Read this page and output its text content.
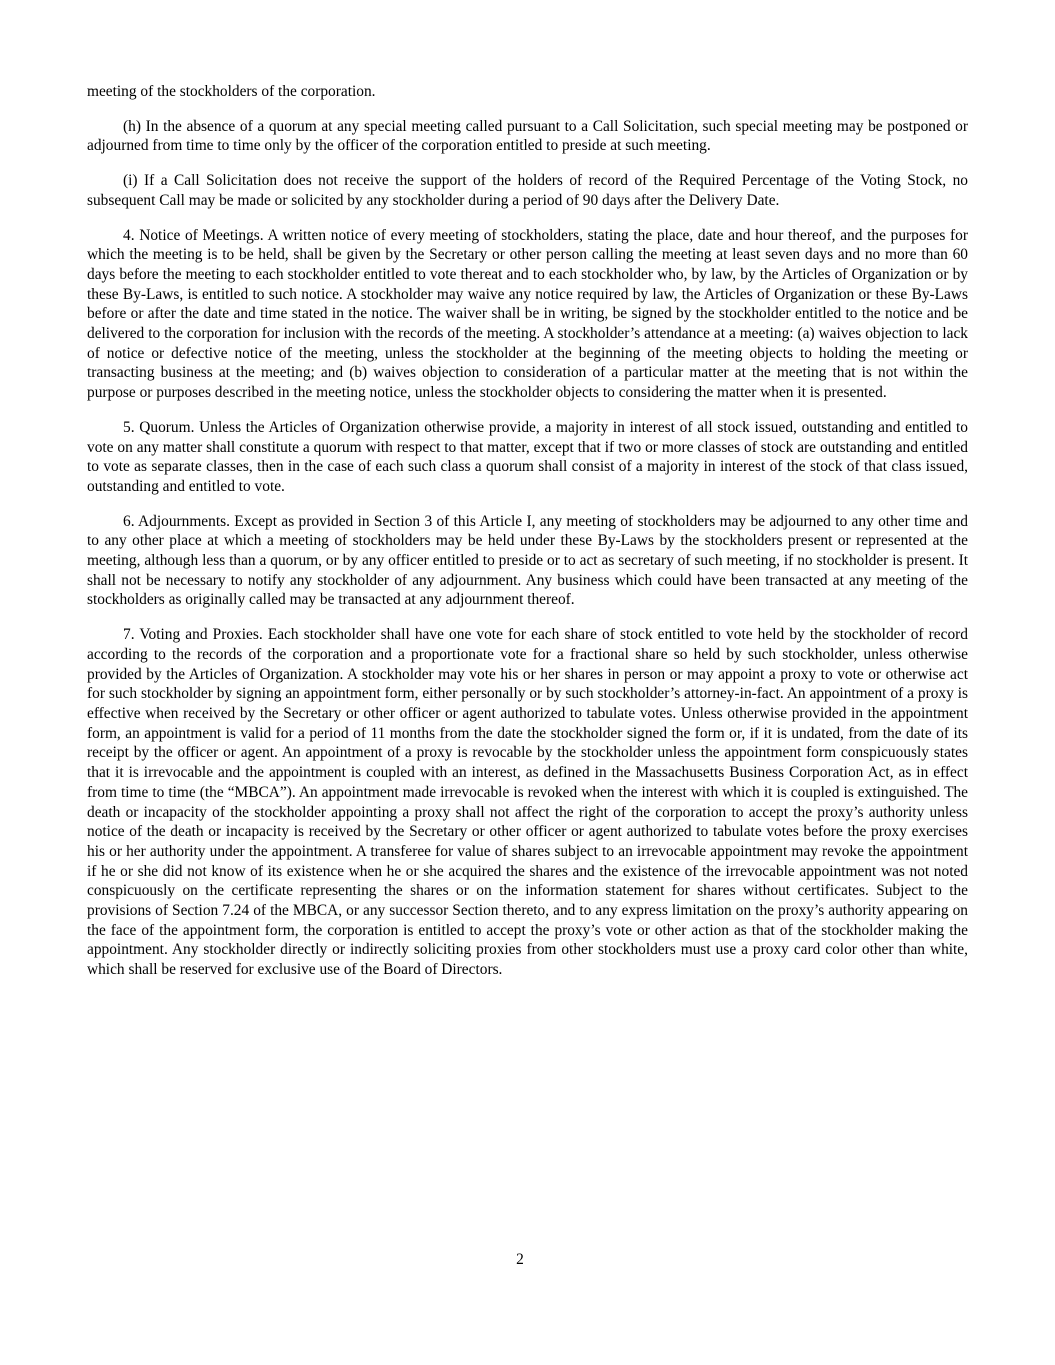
meeting of the stockholders of the corporation.

(h) In the absence of a quorum at any special meeting called pursuant to a Call Solicitation, such special meeting may be postponed or adjourned from time to time only by the officer of the corporation entitled to preside at such meeting.

(i) If a Call Solicitation does not receive the support of the holders of record of the Required Percentage of the Voting Stock, no subsequent Call may be made or solicited by any stockholder during a period of 90 days after the Delivery Date.

4. Notice of Meetings. A written notice of every meeting of stockholders, stating the place, date and hour thereof, and the purposes for which the meeting is to be held, shall be given by the Secretary or other person calling the meeting at least seven days and no more than 60 days before the meeting to each stockholder entitled to vote thereat and to each stockholder who, by law, by the Articles of Organization or by these By-Laws, is entitled to such notice. A stockholder may waive any notice required by law, the Articles of Organization or these By-Laws before or after the date and time stated in the notice. The waiver shall be in writing, be signed by the stockholder entitled to the notice and be delivered to the corporation for inclusion with the records of the meeting. A stockholder’s attendance at a meeting: (a) waives objection to lack of notice or defective notice of the meeting, unless the stockholder at the beginning of the meeting objects to holding the meeting or transacting business at the meeting; and (b) waives objection to consideration of a particular matter at the meeting that is not within the purpose or purposes described in the meeting notice, unless the stockholder objects to considering the matter when it is presented.

5. Quorum. Unless the Articles of Organization otherwise provide, a majority in interest of all stock issued, outstanding and entitled to vote on any matter shall constitute a quorum with respect to that matter, except that if two or more classes of stock are outstanding and entitled to vote as separate classes, then in the case of each such class a quorum shall consist of a majority in interest of the stock of that class issued, outstanding and entitled to vote.

6. Adjournments. Except as provided in Section 3 of this Article I, any meeting of stockholders may be adjourned to any other time and to any other place at which a meeting of stockholders may be held under these By-Laws by the stockholders present or represented at the meeting, although less than a quorum, or by any officer entitled to preside or to act as secretary of such meeting, if no stockholder is present. It shall not be necessary to notify any stockholder of any adjournment. Any business which could have been transacted at any meeting of the stockholders as originally called may be transacted at any adjournment thereof.

7. Voting and Proxies. Each stockholder shall have one vote for each share of stock entitled to vote held by the stockholder of record according to the records of the corporation and a proportionate vote for a fractional share so held by such stockholder, unless otherwise provided by the Articles of Organization. A stockholder may vote his or her shares in person or may appoint a proxy to vote or otherwise act for such stockholder by signing an appointment form, either personally or by such stockholder’s attorney-in-fact. An appointment of a proxy is effective when received by the Secretary or other officer or agent authorized to tabulate votes. Unless otherwise provided in the appointment form, an appointment is valid for a period of 11 months from the date the stockholder signed the form or, if it is undated, from the date of its receipt by the officer or agent. An appointment of a proxy is revocable by the stockholder unless the appointment form conspicuously states that it is irrevocable and the appointment is coupled with an interest, as defined in the Massachusetts Business Corporation Act, as in effect from time to time (the “MBCA”). An appointment made irrevocable is revoked when the interest with which it is coupled is extinguished. The death or incapacity of the stockholder appointing a proxy shall not affect the right of the corporation to accept the proxy’s authority unless notice of the death or incapacity is received by the Secretary or other officer or agent authorized to tabulate votes before the proxy exercises his or her authority under the appointment. A transferee for value of shares subject to an irrevocable appointment may revoke the appointment if he or she did not know of its existence when he or she acquired the shares and the existence of the irrevocable appointment was not noted conspicuously on the certificate representing the shares or on the information statement for shares without certificates. Subject to the provisions of Section 7.24 of the MBCA, or any successor Section thereto, and to any express limitation on the proxy’s authority appearing on the face of the appointment form, the corporation is entitled to accept the proxy’s vote or other action as that of the stockholder making the appointment. Any stockholder directly or indirectly soliciting proxies from other stockholders must use a proxy card color other than white, which shall be reserved for exclusive use of the Board of Directors.

2
